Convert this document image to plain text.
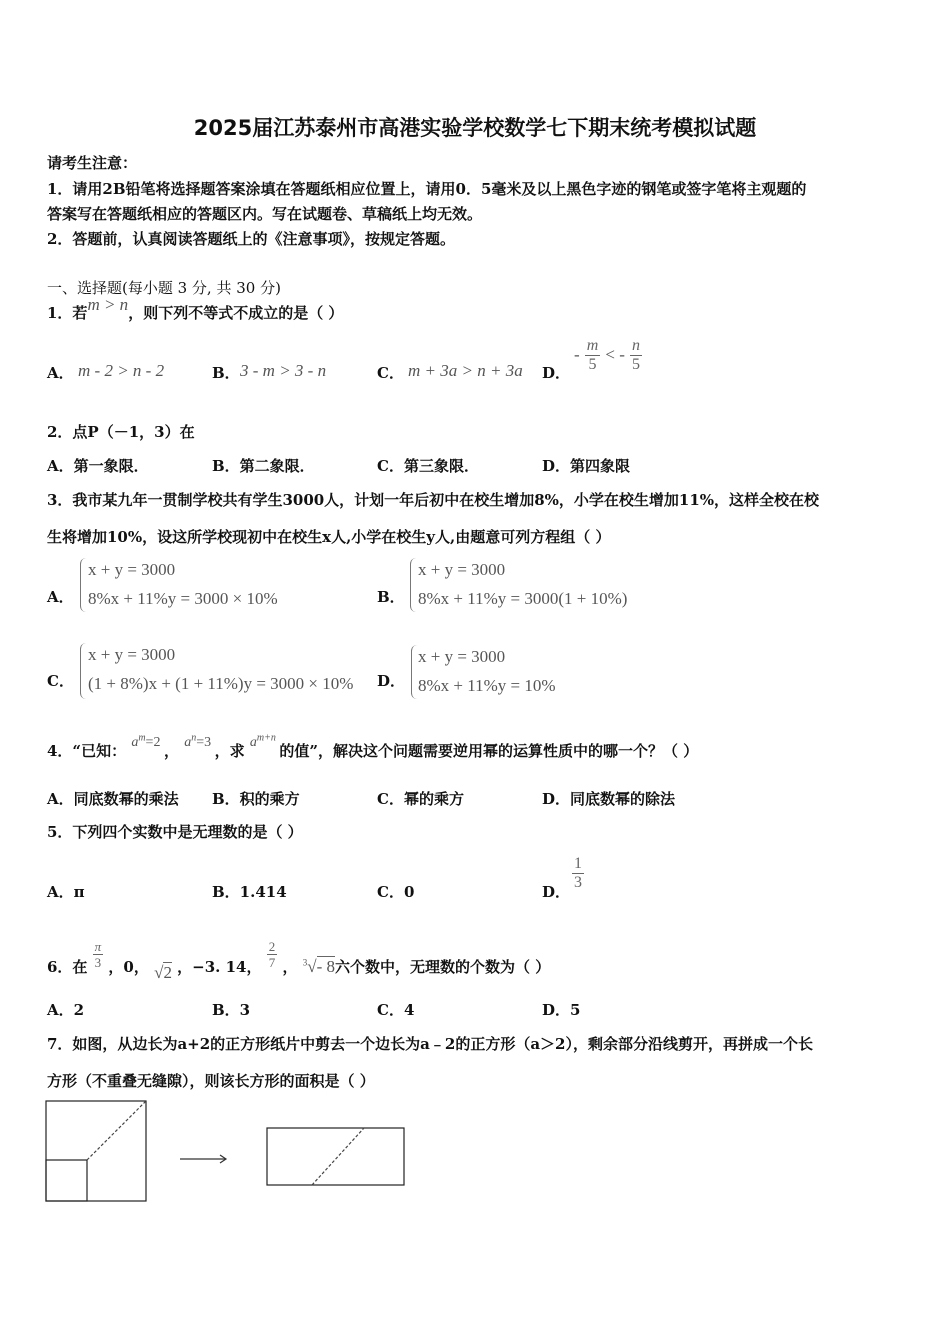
2025届江苏泰州市高港实验学校数学七下期末统考模拟试题
请考生注意：
1．请用2B铅笔将选择题答案涂填在答题纸相应位置上，请用0．5毫米及以上黑色字迹的钢笔或签字笔将主观题的
答案写在答题纸相应的答题区内。写在试题卷、草稿纸上均无效。
2．答题前，认真阅读答题纸上的《注意事项》，按规定答题。
一、选择题(每小题 3 分, 共 30 分)
1．若m > n，则下列不等式不成立的是（ ）
A． m - 2 > n - 2	B． 3 - m > 3 - n	C． m + 3a > n + 3a D．
- $\frac{m}{5}$ < - $\frac{n}{5}$
2．点P（－1，3）在
A．第一象限．	B．第二象限．	C．第三象限．	D．第四象限
3．我市某九年一贯制学校共有学生3000人，计划一年后初中在校生增加8%，小学在校生增加11%，这样全校在校
生将增加10%，设这所学校现初中在校生x人,小学在校生y人,由题意可列方程组（ ）
A．
x + y = 3000
8%x + 11%y = 3000 × 10%	B．
x + y = 3000
8%x + 11%y = 3000(1 + 10%)
C．
x + y = 3000
(1 + 8%)x + (1 + 11%)y = 3000 × 10% D．
x + y = 3000
8%x + 11%y = 10%
4．“已知： $a^m=2$ ， $a^n=3$ ，求 $a^{m+n}$ 的值”，解决这个问题需要逆用幂的运算性质中的哪一个？（ ）
A．同底数幂的乘法 B．积的乘方	C．幂的乘方	D．同底数幂的除法
5．下列四个实数中是无理数的是（ ）
A．π	B．1.414	C．0	D． $\frac{1}{3}$
6．在 $\frac{\pi}{3}$ ，0， √2 ，−3. 14， $\frac{2}{7}$ ， $^3$√- 8六个数中，无理数的个数为（ ）
A．2	B．3	C．4	D．5
7．如图，从边长为a+2的正方形纸片中剪去一个边长为a﹣2的正方形（a＞2），剩余部分沿线剪开，再拼成一个长
方形（不重叠无缝隙），则该长方形的面积是（ ）
